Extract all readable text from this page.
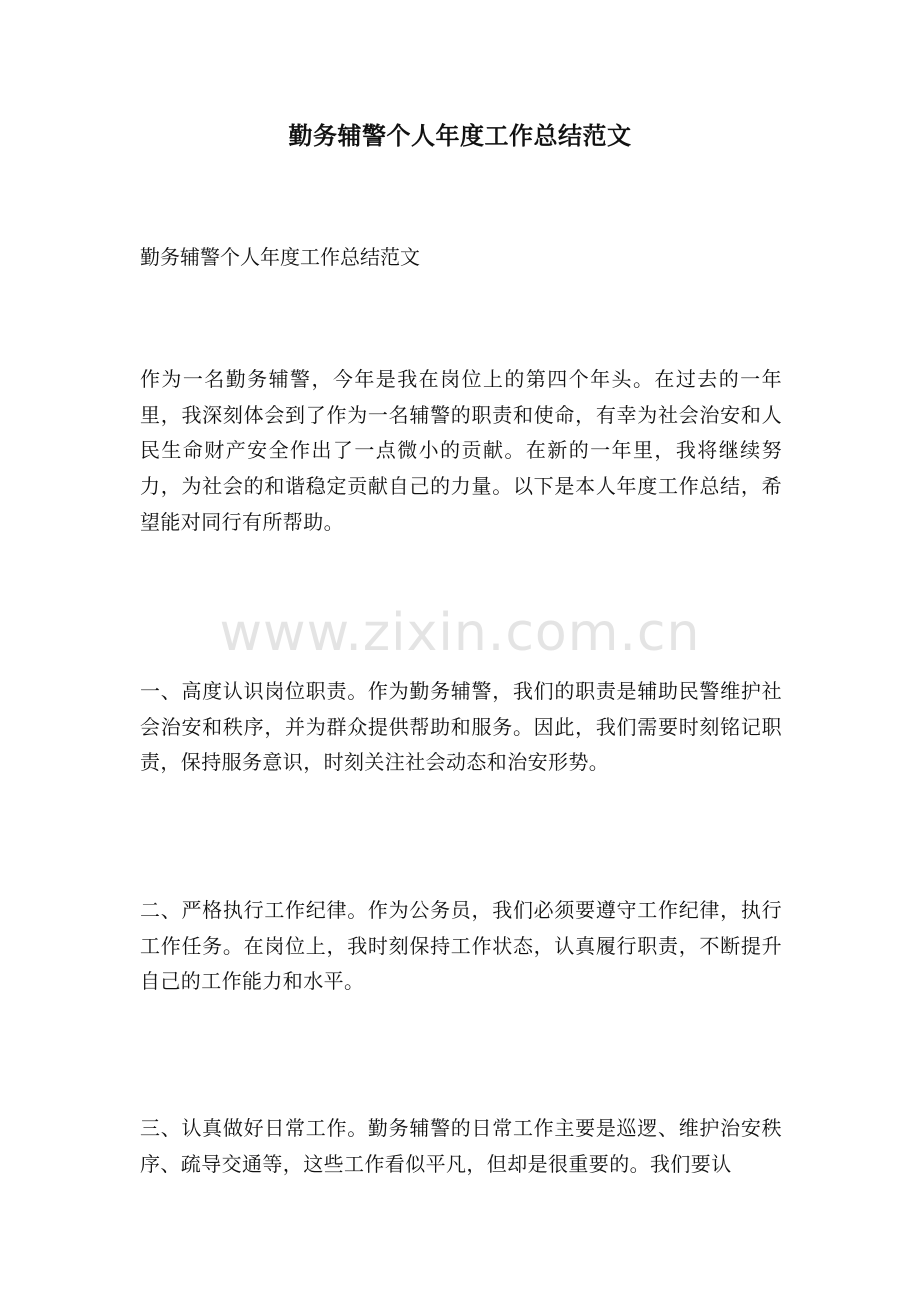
勤务辅警个人年度工作总结范文

勤务辅警个人年度工作总结范文

作为一名勤务辅警，今年是我在岗位上的第四个年头。在过去的一年里，我深刻体会到了作为一名辅警的职责和使命，有幸为社会治安和人民生命财产安全作出了一点微小的贡献。在新的一年里，我将继续努力，为社会的和谐稳定贡献自己的力量。以下是本人年度工作总结，希望能对同行有所帮助。

www.zixin.com.cn

一、高度认识岗位职责。作为勤务辅警，我们的职责是辅助民警维护社会治安和秩序，并为群众提供帮助和服务。因此，我们需要时刻铭记职责，保持服务意识，时刻关注社会动态和治安形势。

二、严格执行工作纪律。作为公务员，我们必须要遵守工作纪律，执行工作任务。在岗位上，我时刻保持工作状态，认真履行职责，不断提升自己的工作能力和水平。

三、认真做好日常工作。勤务辅警的日常工作主要是巡逻、维护治安秩序、疏导交通等，这些工作看似平凡，但却是很重要的。我们要认
